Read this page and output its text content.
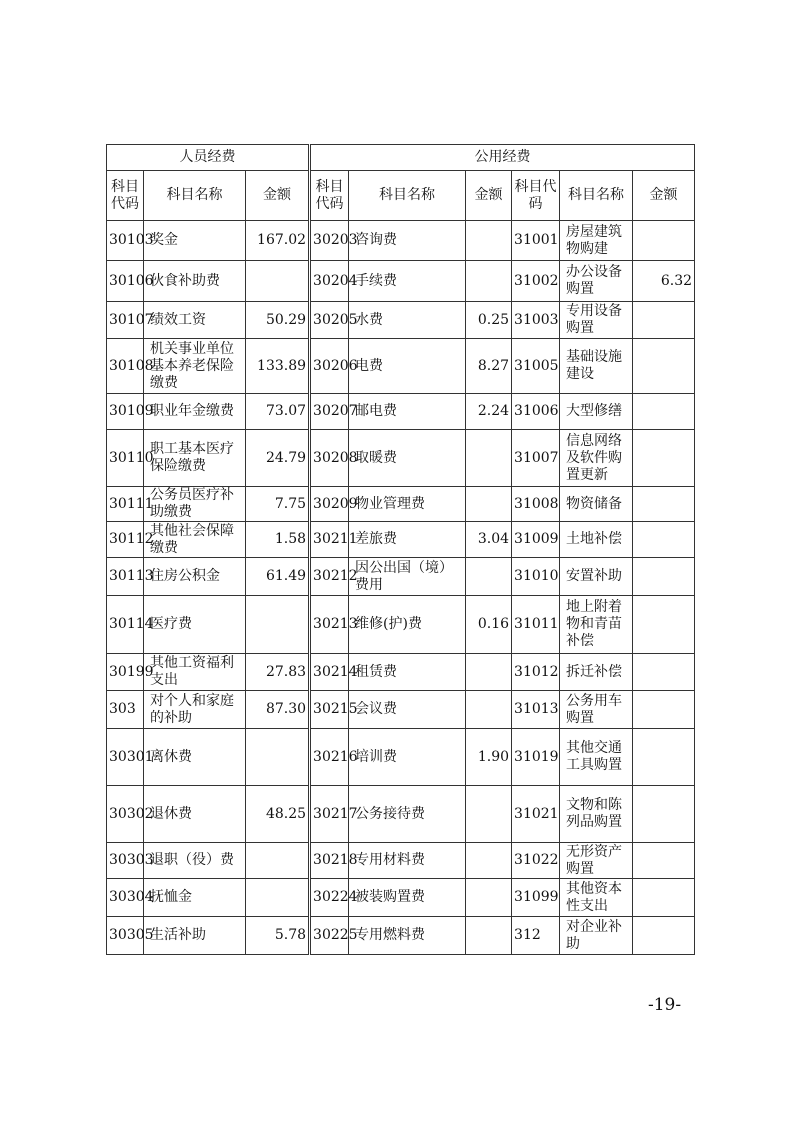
人员经费			公用经费					
科目代码	科目名称	金额	科目代码	科目名称	金额	科目代码	科目名称	金额
30103	奖金	167.02	30203	咨询费		31001	房屋建筑物购建	
30106	伙食补助费		30204	手续费		31002	办公设备购置	6.32
30107	绩效工资	50.29	30205	水费	0.25	31003	专用设备购置	
30108	机关事业单位基本养老保险缴费	133.89	30206	电费	8.27	31005	基础设施建设	
30109	职业年金缴费	73.07	30207	邮电费	2.24	31006	大型修缮	
30110	职工基本医疗保险缴费	24.79	30208	取暖费		31007	信息网络及软件购置更新	
30111	公务员医疗补助缴费	7.75	30209	物业管理费		31008	物资储备	
30112	其他社会保障缴费	1.58	30211	差旅费	3.04	31009	土地补偿	
30113	住房公积金	61.49	30212	因公出国（境）费用		31010	安置补助	
30114	医疗费		30213	维修(护)费	0.16	31011	地上附着物和青苗补偿	
30199	其他工资福利支出	27.83	30214	租赁费		31012	拆迁补偿	
303	对个人和家庭的补助	87.30	30215	会议费		31013	公务用车购置	
30301	离休费		30216	培训费	1.90	31019	其他交通工具购置	
30302	退休费	48.25	30217	公务接待费		31021	文物和陈列品购置	
30303	退职（役）费		30218	专用材料费		31022	无形资产购置	
30304	抚恤金		30224	被装购置费		31099	其他资本性支出	
30305	生活补助	5.78	30225	专用燃料费		312	对企业补助	
-19-
